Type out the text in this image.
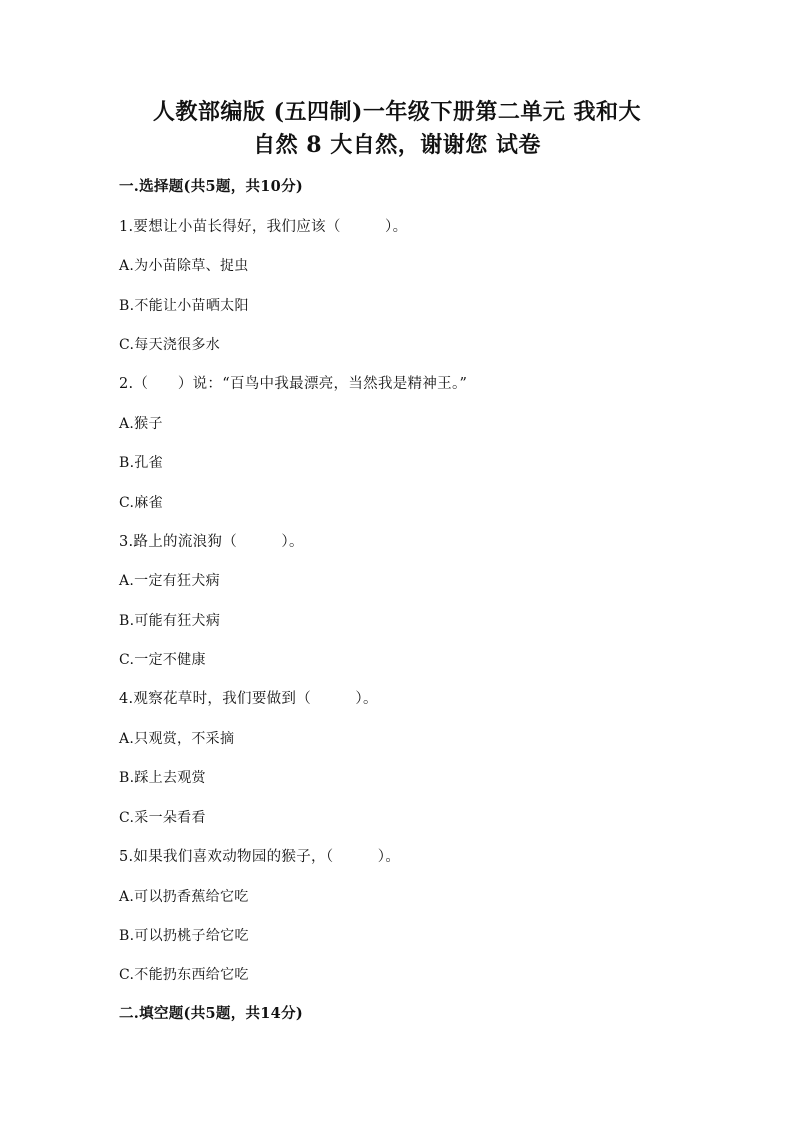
人教部编版 (五四制)一年级下册第二单元 我和大
自然 8 大自然，谢谢您 试卷
一.选择题(共5题，共10分)
1.要想让小苗长得好，我们应该（　　　）。
A.为小苗除草、捉虫
B.不能让小苗晒太阳
C.每天浇很多水
2.（　　）说：“百鸟中我最漂亮，当然我是精神王。”
A.猴子
B.孔雀
C.麻雀
3.路上的流浪狗（　　　）。
A.一定有狂犬病
B.可能有狂犬病
C.一定不健康
4.观察花草时，我们要做到（　　　）。
A.只观赏，不采摘
B.踩上去观赏
C.采一朵看看
5.如果我们喜欢动物园的猴子，（　　　）。
A.可以扔香蕉给它吃
B.可以扔桃子给它吃
C.不能扔东西给它吃
二.填空题(共5题，共14分)
